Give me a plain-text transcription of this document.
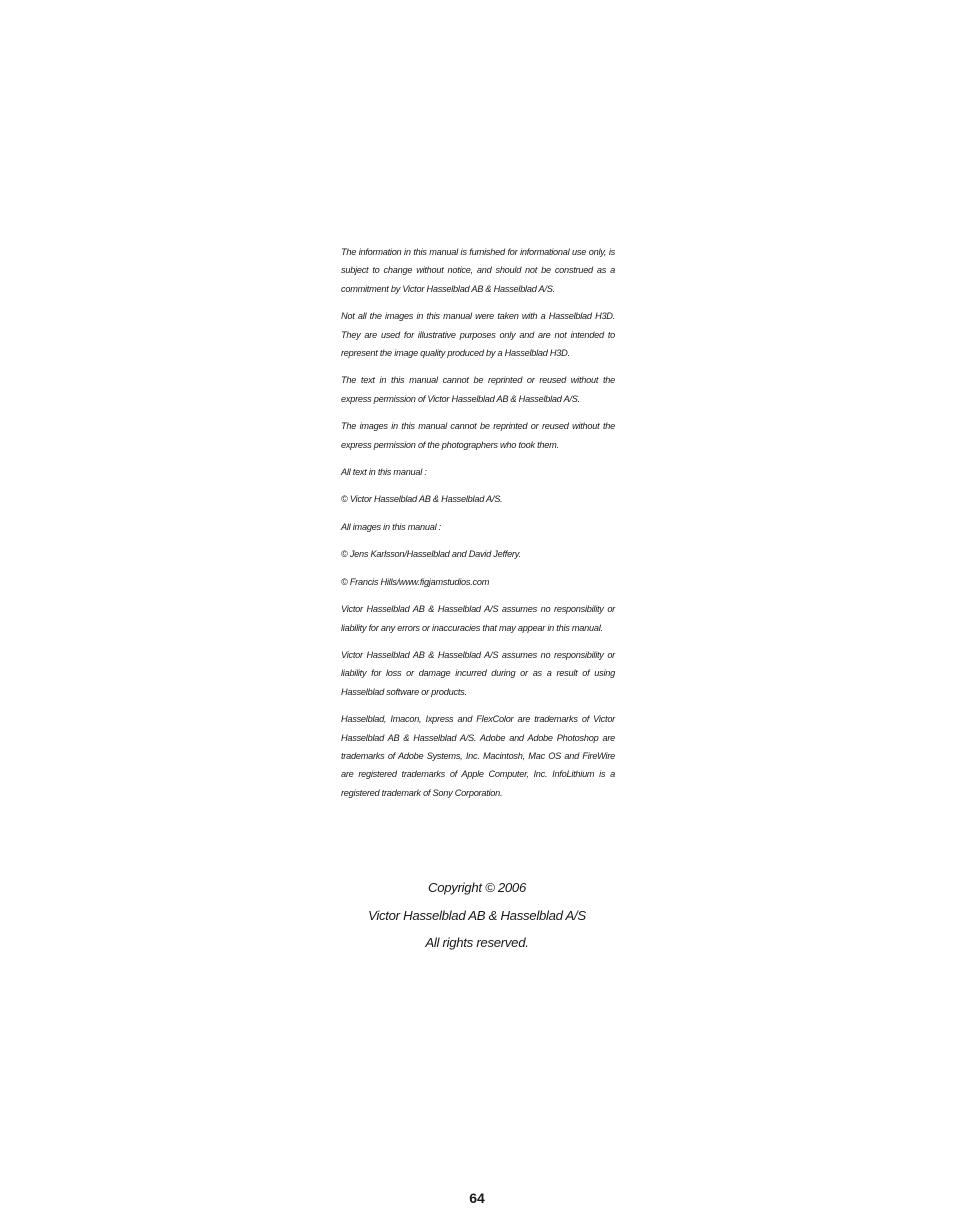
The information in this manual is furnished for informational use only, is subject to change without notice, and should not be construed as a commitment by Victor Hasselblad AB & Hasselblad A/S.

Not all the images in this manual were taken with a Hasselblad H3D. They are used for illustrative purposes only and are not intended to represent the image quality produced by a Hasselblad H3D.

The text in this manual cannot be reprinted or reused without the express permission of Victor Hasselblad AB & Hasselblad A/S.

The images in this manual cannot be reprinted or reused without the express permission of the photographers who took them.

All text in this manual :

© Victor Hasselblad AB & Hasselblad A/S.

All images in this manual :

© Jens Karlsson/Hasselblad and David Jeffery.

© Francis Hills/www.figjamstudios.com

Victor Hasselblad AB & Hasselblad A/S assumes no responsibility or liability for any errors or inaccuracies that may appear in this manual.

Victor Hasselblad AB & Hasselblad A/S assumes no responsibility or liability for loss or damage incurred during or as a result of using Hasselblad software or products.

Hasselblad, Imacon, Ixpress and FlexColor are trademarks of Victor Hasselblad AB & Hasselblad A/S. Adobe and Adobe Photoshop are trademarks of Adobe Systems, Inc. Macintosh, Mac OS and FireWire are registered trademarks of Apple Computer, Inc. InfoLithium is a registered trademark of Sony Corporation.

Copyright © 2006
Victor Hasselblad AB & Hasselblad A/S
All rights reserved.
64
